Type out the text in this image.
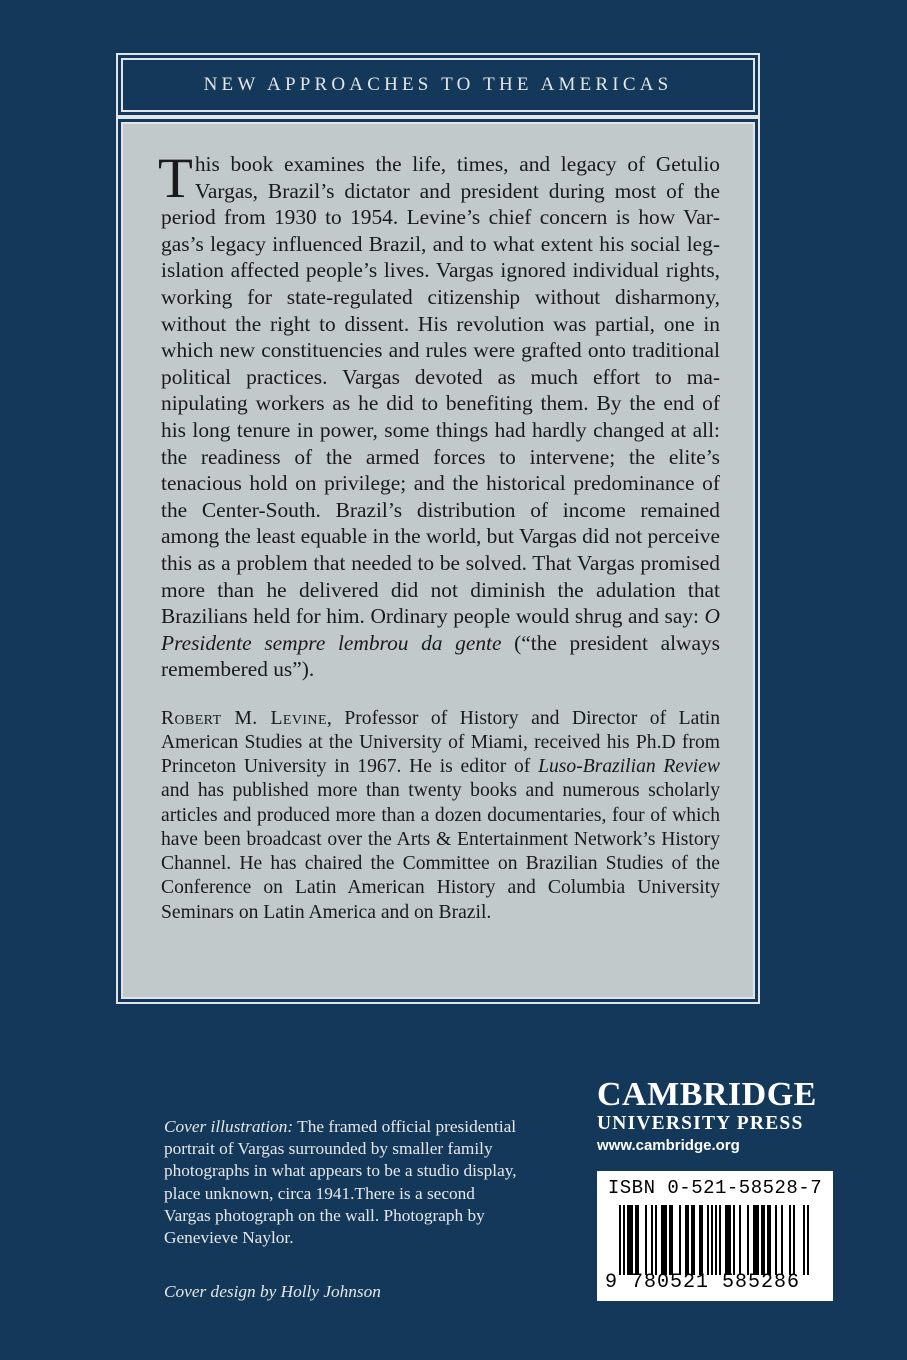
NEW APPROACHES TO THE AMERICAS

This book examines the life, times, and legacy of Getulio Vargas, Brazil’s dictator and president during most of the period from 1930 to 1954. Levine’s chief concern is how Vargas’s legacy influenced Brazil, and to what extent his social legislation affected people’s lives. Vargas ignored individual rights, working for state-regulated citizenship without disharmony, without the right to dissent. His revolution was partial, one in which new constituencies and rules were grafted onto traditional political practices. Vargas devoted as much effort to manipulating workers as he did to benefiting them. By the end of his long tenure in power, some things had hardly changed at all: the readiness of the armed forces to intervene; the elite’s tenacious hold on privilege; and the historical predominance of the Center-South. Brazil’s distribution of income remained among the least equable in the world, but Vargas did not perceive this as a problem that needed to be solved. That Vargas promised more than he delivered did not diminish the adulation that Brazilians held for him. Ordinary people would shrug and say: O Presidente sempre lembrou da gente (“the president always remembered us”).

Robert M. Levine, Professor of History and Director of Latin American Studies at the University of Miami, received his Ph.D from Princeton University in 1967. He is editor of Luso-Brazilian Review and has published more than twenty books and numerous scholarly articles and produced more than a dozen documentaries, four of which have been broadcast over the Arts & Entertainment Network’s History Channel. He has chaired the Committee on Brazilian Studies of the Conference on Latin American History and Columbia University Seminars on Latin America and on Brazil.

Cover illustration: The framed official presidential portrait of Vargas surrounded by smaller family photographs in what appears to be a studio display, place unknown, circa 1941.There is a second Vargas photograph on the wall. Photograph by Genevieve Naylor.

Cover design by Holly Johnson
CAMBRIDGE
UNIVERSITY PRESS
www.cambridge.org
ISBN 0-521-58528-7
9 780521 585286
